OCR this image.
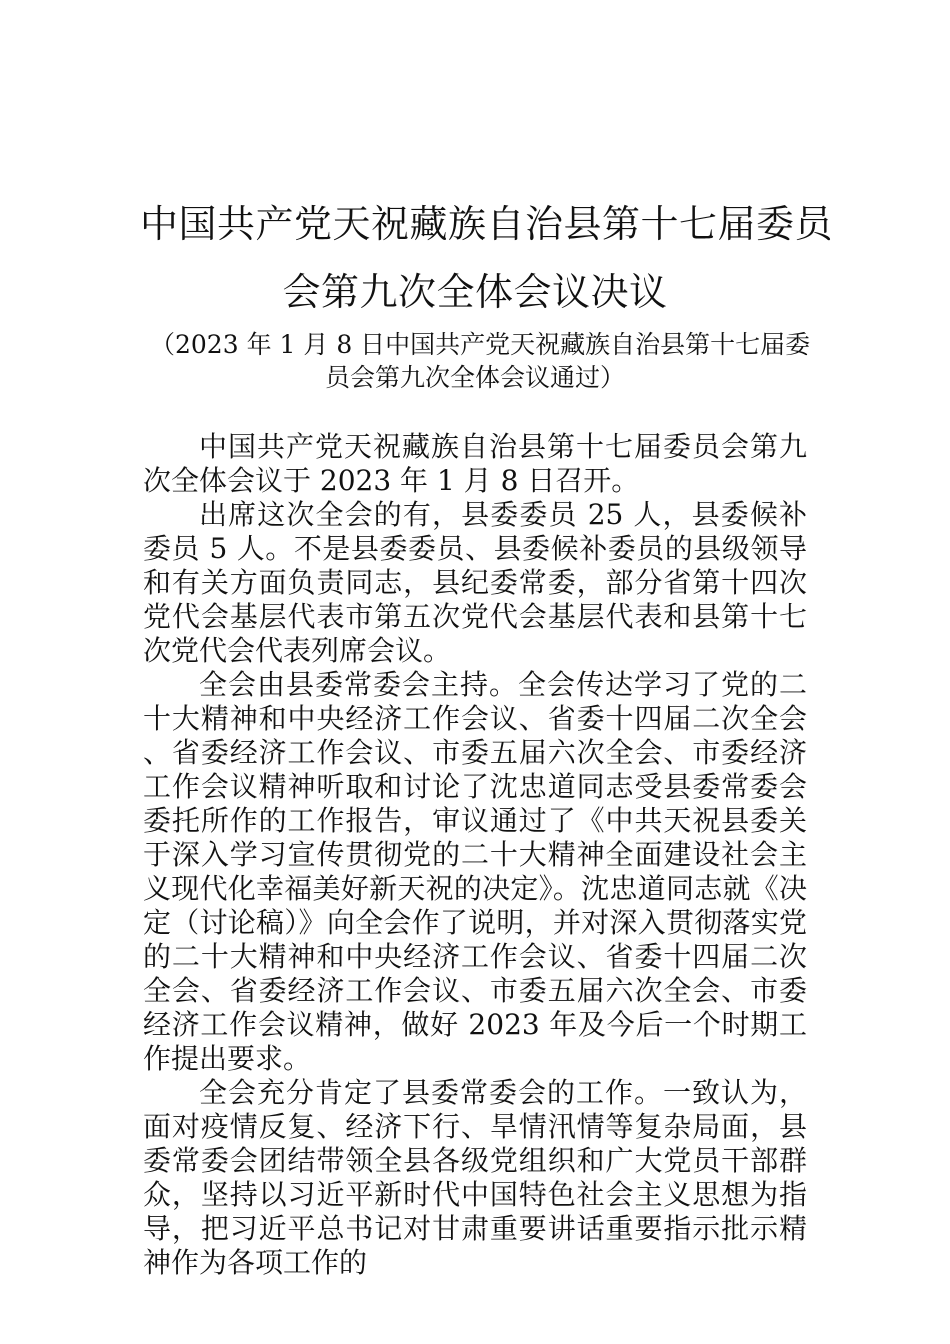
中国共产党天祝藏族自治县第十七届委员
会第九次全体会议决议
（2023 年 1 月 8 日中国共产党天祝藏族自治县第十七届委
员会第九次全体会议通过）

中国共产党天祝藏族自治县第十七届委员会第九次全体会议于 2023 年 1 月 8 日召开。

出席这次全会的有，县委委员 25 人，县委候补委员 5 人。不是县委委员、县委候补委员的县级领导和有关方面负责同志，县纪委常委，部分省第十四次党代会基层代表市第五次党代会基层代表和县第十七次党代会代表列席会议。

全会由县委常委会主持。全会传达学习了党的二十大精神和中央经济工作会议、省委十四届二次全会、省委经济工作会议、市委五届六次全会、市委经济工作会议精神听取和讨论了沈忠道同志受县委常委会委托所作的工作报告，审议通过了《中共天祝县委关于深入学习宣传贯彻党的二十大精神全面建设社会主义现代化幸福美好新天祝的决定》。沈忠道同志就《决定（讨论稿）》向全会作了说明，并对深入贯彻落实党的二十大精神和中央经济工作会议、省委十四届二次全会、省委经济工作会议、市委五届六次全会、市委经济工作会议精神，做好 2023 年及今后一个时期工作提出要求。

全会充分肯定了县委常委会的工作。一致认为，面对疫情反复、经济下行、旱情汛情等复杂局面，县委常委会团结带领全县各级党组织和广大党员干部群众，坚持以习近平新时代中国特色社会主义思想为指导，把习近平总书记对甘肃重要讲话重要指示批示精神作为各项工作的
